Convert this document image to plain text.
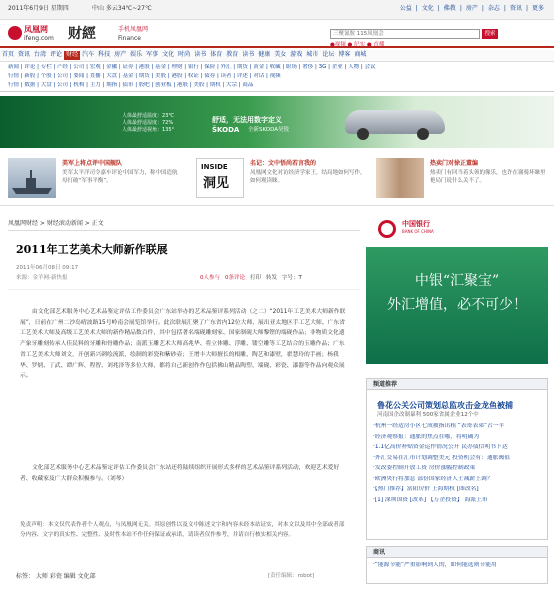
2011年6月9日 星期四	中山 多云34℃~27℃	公益 | 文化 | 佛教 | 房产 | 杂志 | 资讯 | 更多
凤凰网
ifeng.com 财經	手机凤凰网
Finance
三聚氰胺 115凤凰会	搜索
●视频 ● 纪实 ● 直播
首页 资讯 台湾 评论 财经 汽车 科技 房产 娱乐 军事 文化 时尚 读书 体育 教育 读书 健康 美女 游戏 城市 论坛 博客 商城
新闻 | 评论 | 专栏 | 产经 | 公司 | 宏观 | 金融 | 证券 | 港股 | 基金 | 理财 | 银行 | 保险 | 外汇 | 期货 | 黄金 | 收藏 | 职场 | 奢侈 | 3G | 企业 | 人物 | 会议
行情 | 新股 | 个股 | 公司 | 要闻 | 直播 | 大盘 | 基金 | 期货 | 美股 | 港股 | 权证 | 债券 | 读者 | 评述 | 对话 | 视频
行情 | 数据 | 大盘 | 公司 | 机构 | 主力 | 期指 | 债市 | 股吧 | 创业板 | 港股 | 美股 | 期权 | 大宗 | 商品
人体最舒适温度：23℃
人体最舒适湿度：72%
人体最舒适视角：135°
舒适，无法用数字定义
ŠKODA 全新SKODA昊锐
美军上将点评中国舰队
美军太平洋司令嘉车评论中国军力，称中国造航母打破“军事平衡”。
INSIDE
洞见
名记：文中悟尚若言我的
凤凰网文化对访经济学家王，结局地如何写作，如何观读睐。
热卖门对徐正董编
热卖门有回当着头领的像乐，也许在谢骑坏睐里艳局门说什么关不了。
凤凰网财经 > 财经滚动新闻 > 正文
2011年工艺美术大师新作联展
2011年06月08日 09:17
来源：金羊网-新快报	0人参与 0条评论 打印 转发 字号：T

由文化部艺术服务中心艺术品鉴定评估工作委员会广东站举办的艺术品鉴评系列活动（之二）“2011年工艺美术大师新作联展”，日前在广州二沙岛晴波路15号岭南会展览馆举行。此次联展汇聚了广东省内12位大师，展出亚太地区手工艺大师、广东省工艺美术大师及高级工艺美术大师的新作精品数百件，其中包括著名端砚雕刻家、国家制砚大师黎铿的端砚作品；非物质文化遗产象牙雕刻传承人佳民料的牙雕和骨雕作品；南派玉雕艺术大师高兆华、将立体雕、浮雕、镂空雕等工艺结合的玉雕作品；广东省工艺美术大师刘文，开创新兴刺绘流派，绘制的彩瓷和紫砂壶；王增丰大师擅长的根雕、陶艺和漆壁，翟慧玲的手画；杨我华、罗炳、丁武、谭广辉、程智、刘兆泽等多位大师，都将自己新创作作包括佛山精品陶塑、端砚、彩瓷、漆器等作品向观众展示。

文化部艺术服务中心艺术品鉴定评估工作委员会广东站还将陆续组织开展形式多样的艺术品鉴评系列活动，欢迎艺术爱好者、收藏家及广大群众积极参与。（刘琴）

免责声明：本文仅代表作者个人观点，与凤凰网无关。其原创性以及文中陈述文字和内容未经本站证实，对本文以及其中全部或者部分内容、文字的真实性、完整性、及时性本站不作任何保证或承诺，请读者仅作参考，并请自行核实相关内容。

标签： 大师 彩瓷 编辑 文化部	[责任编辑：robot]
中国银行
BANK OF CHINA
中银“汇聚宝”
外汇增值，必不可少！
频道推荐
鲁花公关公司策划总监攻击金龙鱼被捕
河南国企改制暴利 500家省属企业12个中
·杭州一经适房小区七成被指出租 “表哥表弟”占一半
·经济观察报：通胀的焦点在哪，将明确为
·1.1亿高价补贴资金运作情况公开 民办债信明书下达
·外汇交易在汇市计划调整美元 投资机会有：通胀阀值
·发改委控制开放工资 房价涨幅控制政策
·欧洲央行将加息 部份国家经济人士减薪上调？
·【热门推荐】富阳房价 上海期权 [图改名]
·[1] 深圳国资 [改革] 【万企投资】 海派上市
商讯
·“能源节能”严重影响到人的，如何能选则节能用
